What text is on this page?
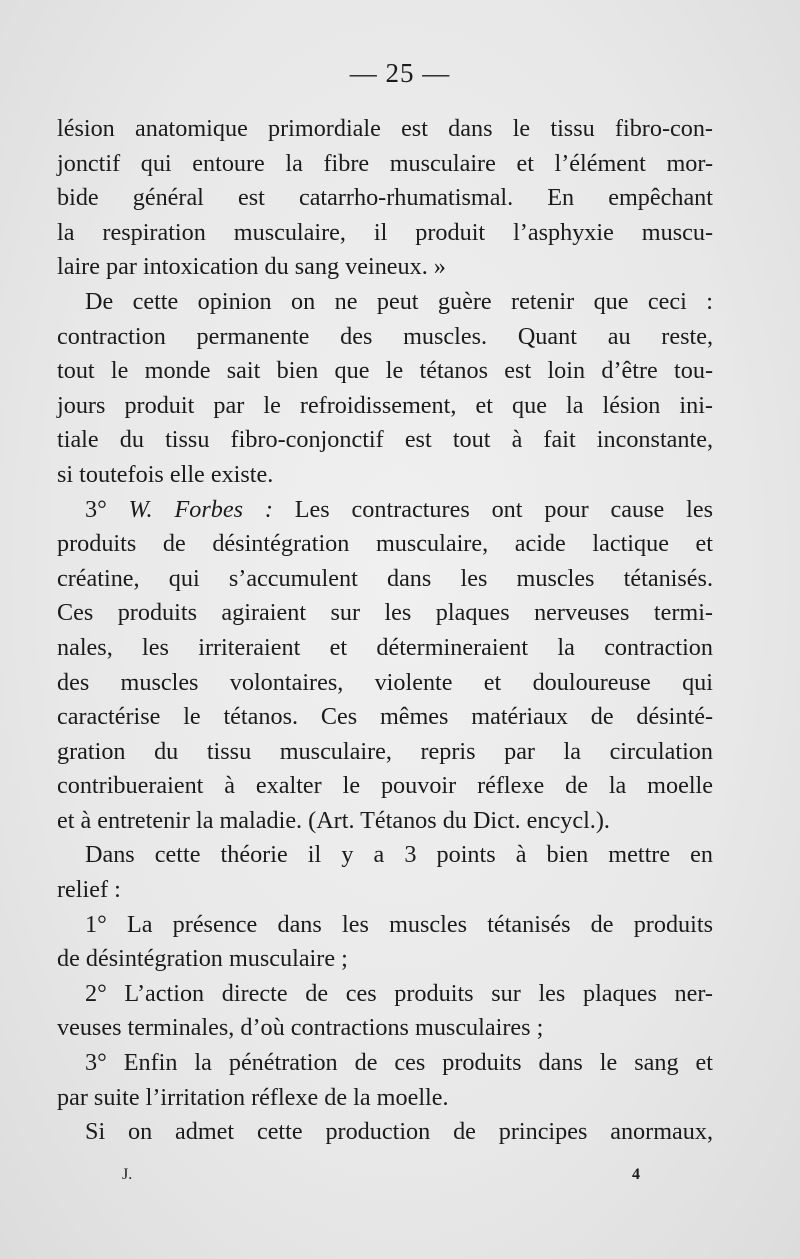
— 25 —

lésion anatomique primordiale est dans le tissu fibro-con-

jonctif qui entoure la fibre musculaire et l’élément mor-

bide général est catarrho-rhumatismal. En empêchant

la respiration musculaire, il produit l’asphyxie muscu-

laire par intoxication du sang veineux. »

De cette opinion on ne peut guère retenir que ceci :

contraction permanente des muscles. Quant au reste,

tout le monde sait bien que le tétanos est loin d’être tou-

jours produit par le refroidissement, et que la lésion ini-

tiale du tissu fibro-conjonctif est tout à fait inconstante,

si toutefois elle existe.

3° W. Forbes : Les contractures ont pour cause les

produits de désintégration musculaire, acide lactique et

créatine, qui s’accumulent dans les muscles tétanisés.

Ces produits agiraient sur les plaques nerveuses termi-

nales, les irriteraient et détermineraient la contraction

des muscles volontaires, violente et douloureuse qui

caractérise le tétanos. Ces mêmes matériaux de désinté-

gration du tissu musculaire, repris par la circulation

contribueraient à exalter le pouvoir réflexe de la moelle

et à entretenir la maladie. (Art. Tétanos du Dict. encycl.).

Dans cette théorie il y a 3 points à bien mettre en

relief :

1° La présence dans les muscles tétanisés de produits

de désintégration musculaire ;

2° L’action directe de ces produits sur les plaques ner-

veuses terminales, d’où contractions musculaires ;

3° Enfin la pénétration de ces produits dans le sang et

par suite l’irritation réflexe de la moelle.

Si on admet cette production de principes anormaux,

J.	4
